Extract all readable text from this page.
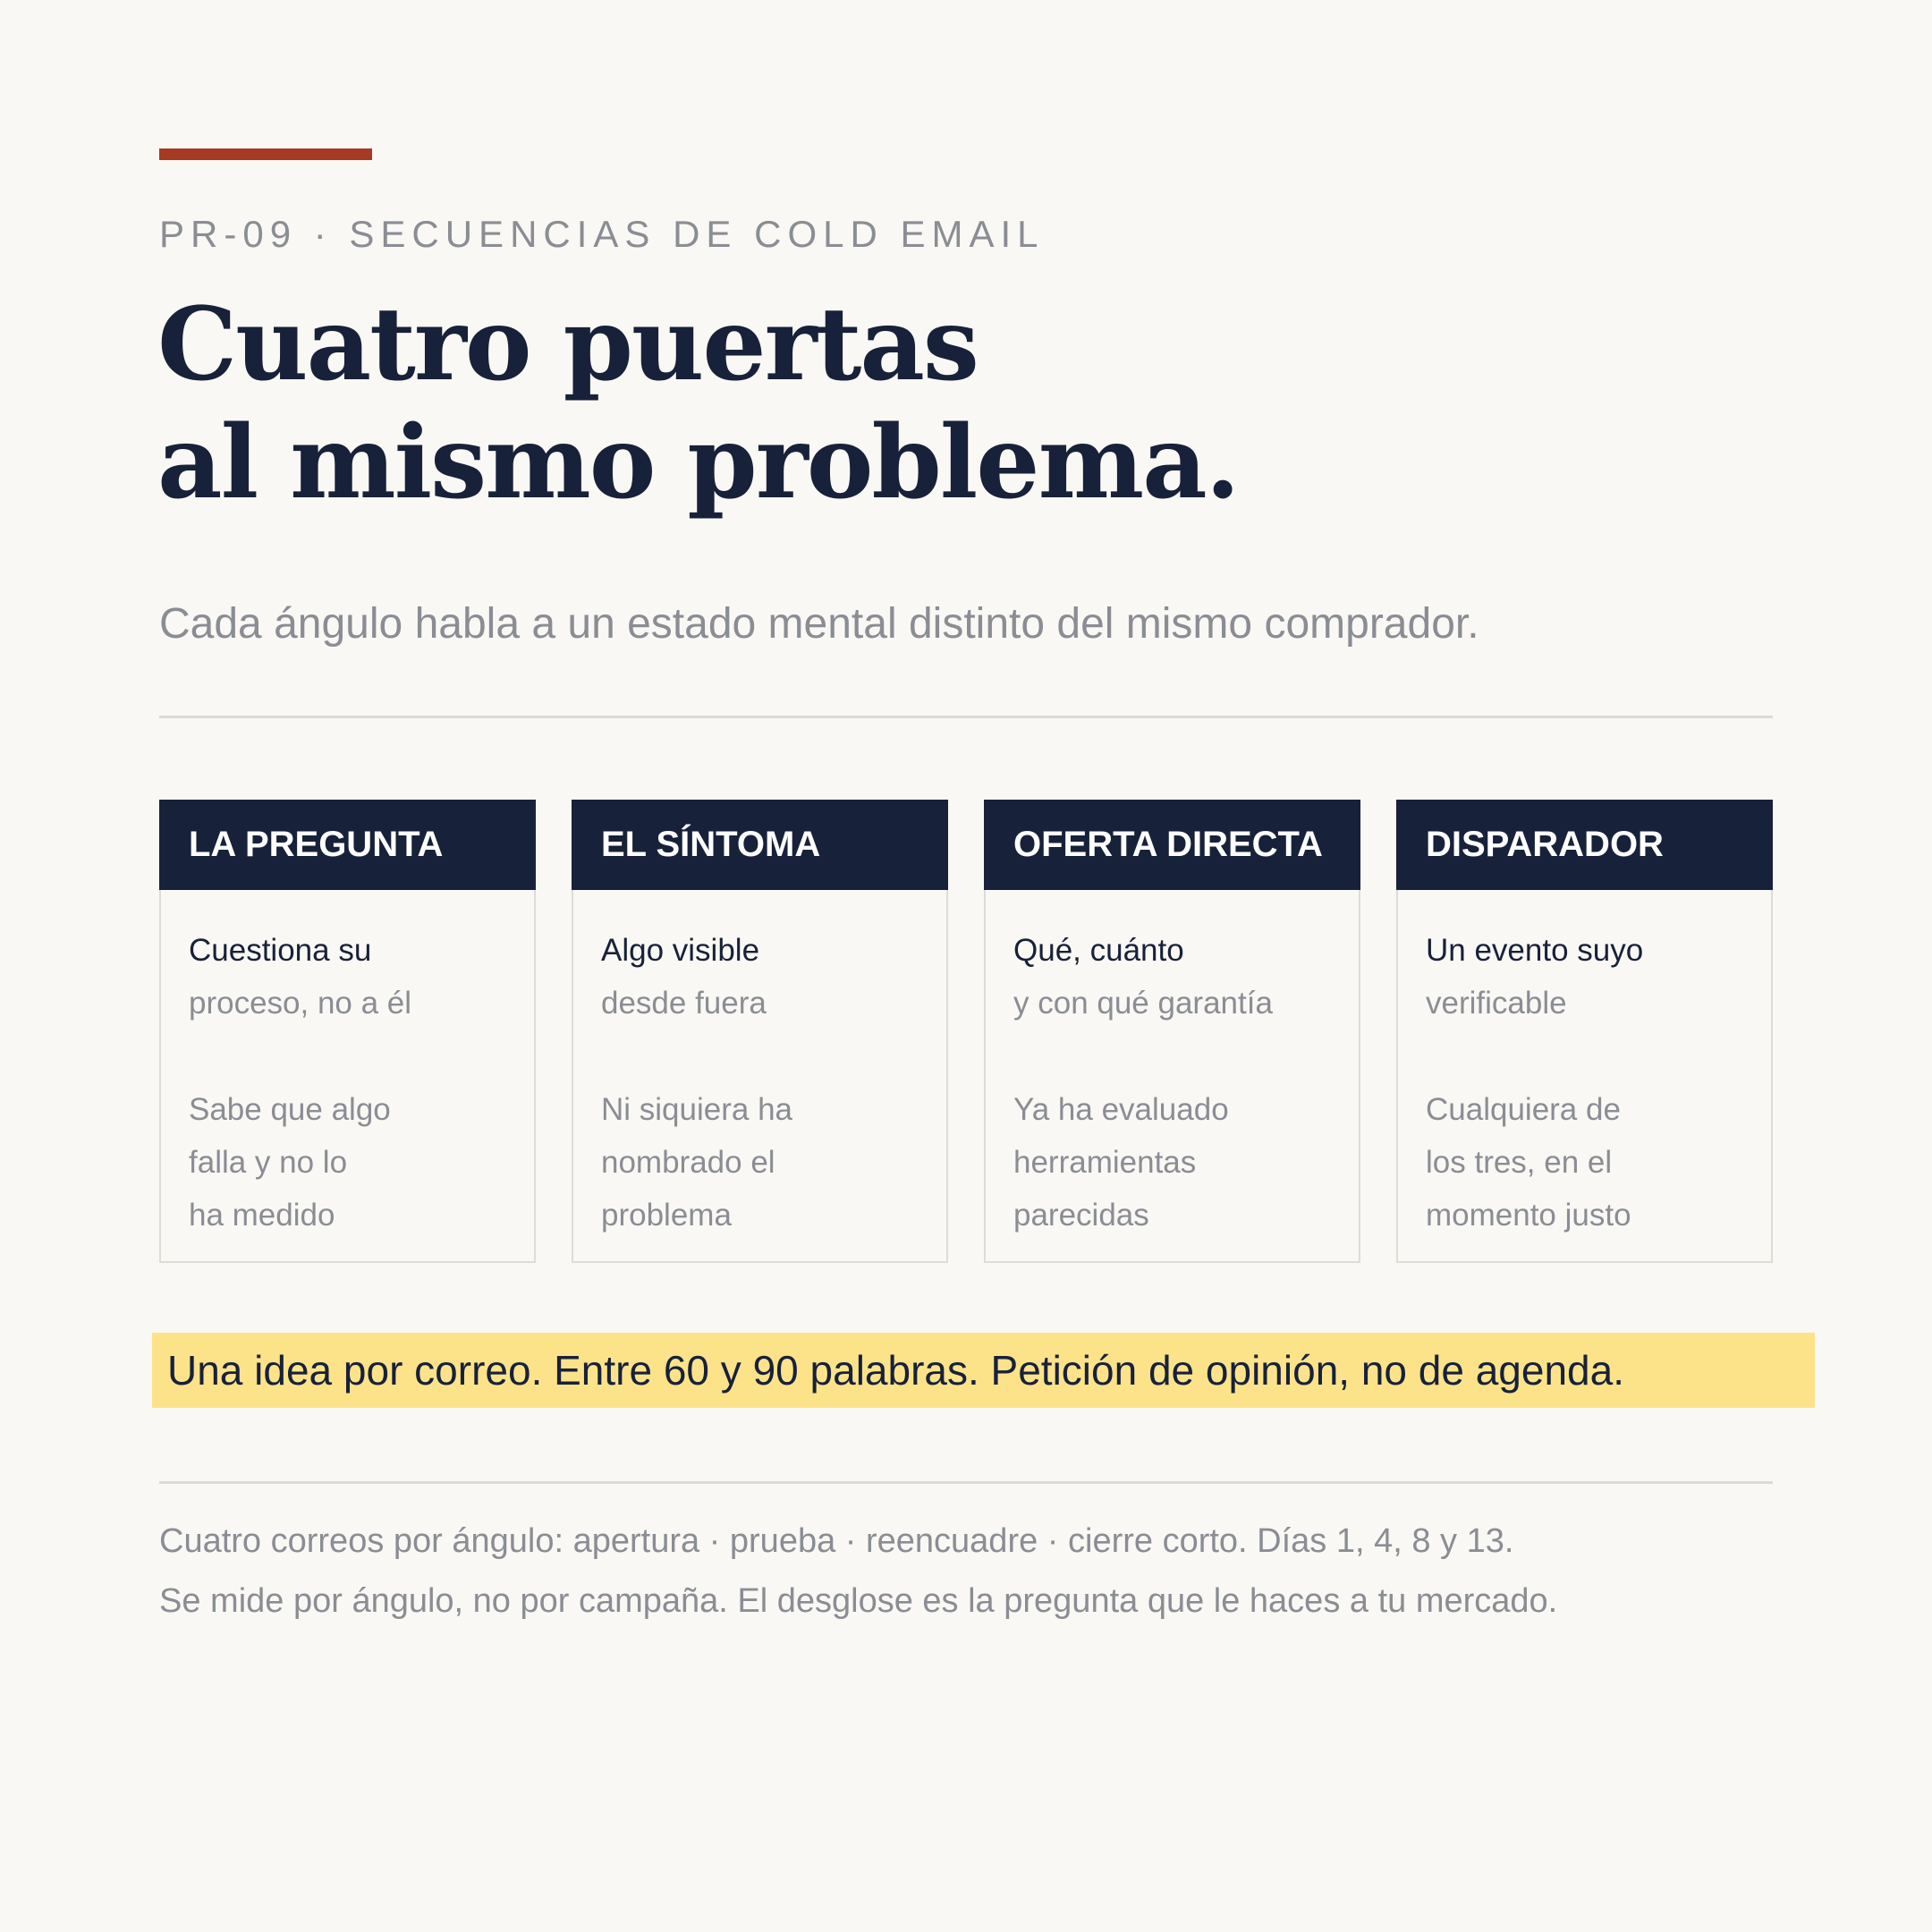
PR-09 · SECUENCIAS DE COLD EMAIL
Cuatro puertas
al mismo problema.
Cada ángulo habla a un estado mental distinto del mismo comprador.
LA PREGUNTA
Cuestiona su
proceso, no a él
Sabe que algo
falla y no lo
ha medido
EL SÍNTOMA
Algo visible
desde fuera
Ni siquiera ha
nombrado el
problema
OFERTA DIRECTA
Qué, cuánto
y con qué garantía
Ya ha evaluado
herramientas
parecidas
DISPARADOR
Un evento suyo
verificable
Cualquiera de
los tres, en el
momento justo
Una idea por correo. Entre 60 y 90 palabras. Petición de opinión, no de agenda.
Cuatro correos por ángulo: apertura · prueba · reencuadre · cierre corto. Días 1, 4, 8 y 13.
Se mide por ángulo, no por campaña. El desglose es la pregunta que le haces a tu mercado.
